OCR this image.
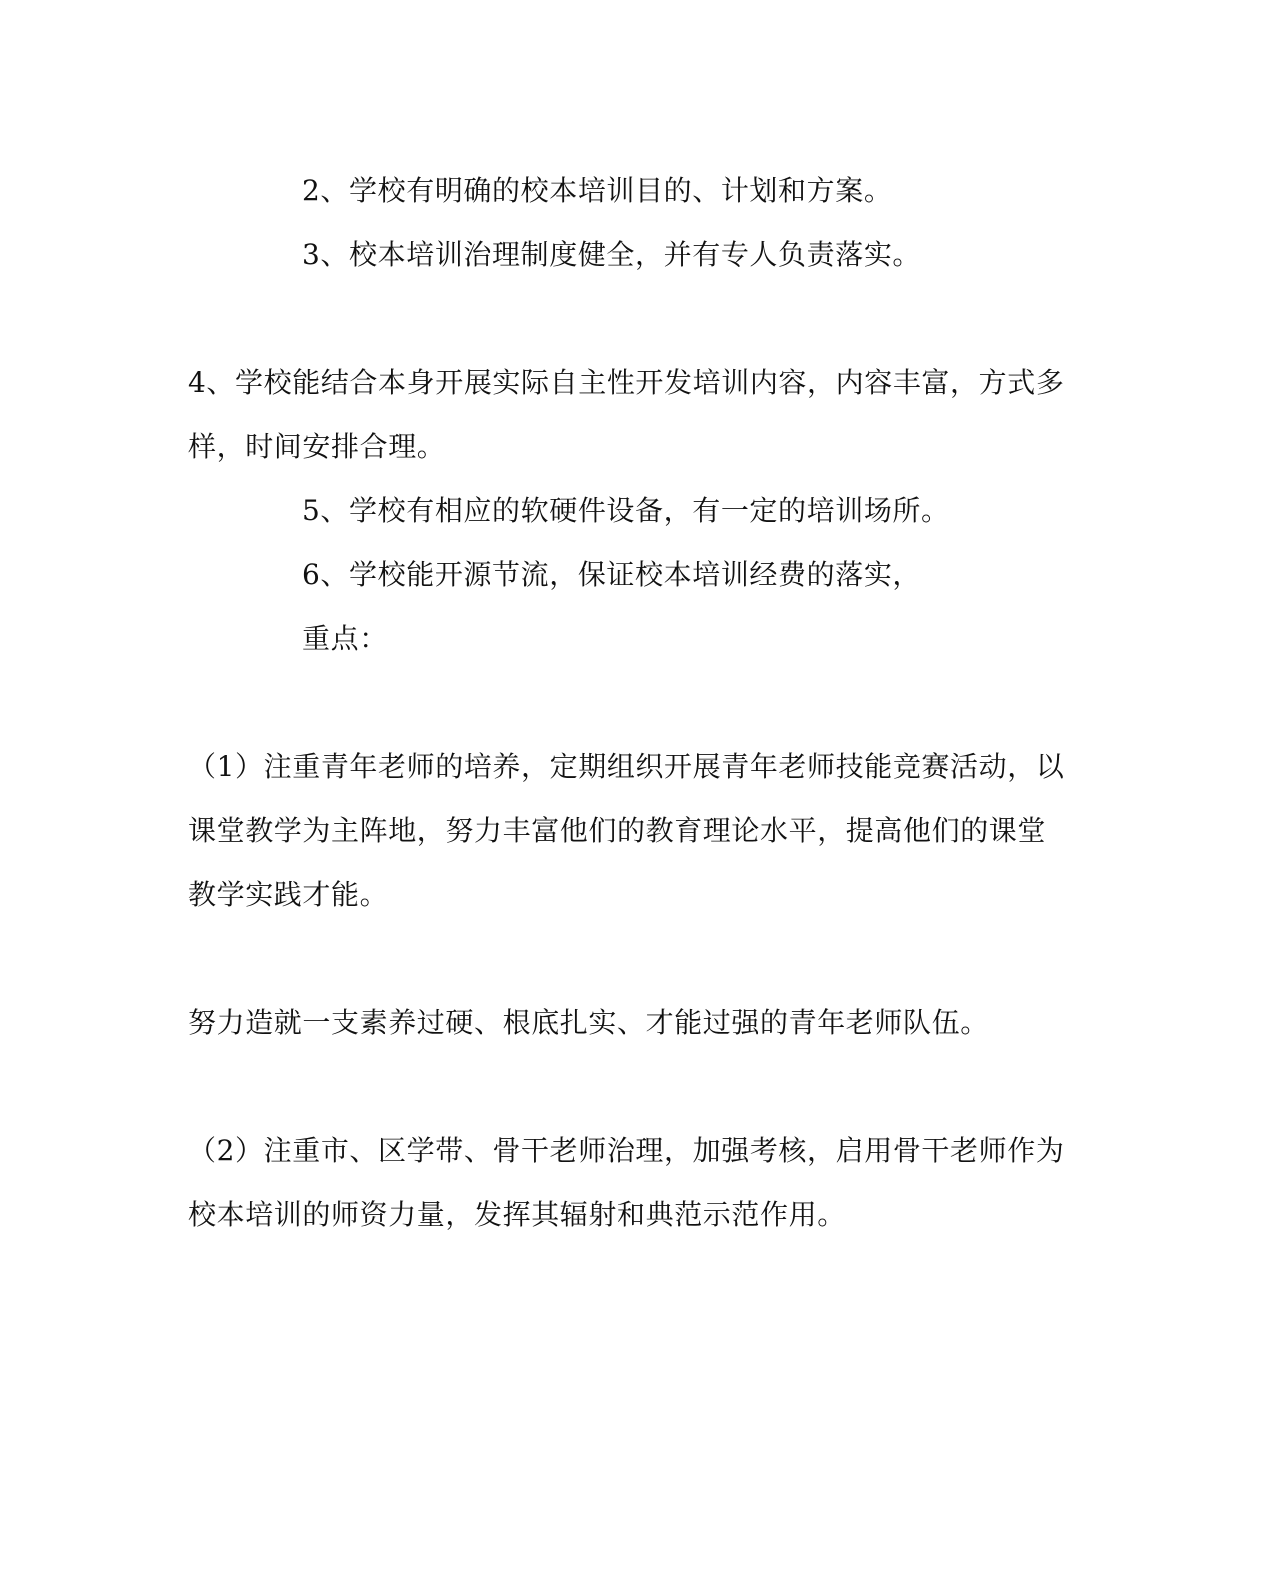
2、学校有明确的校本培训目的、计划和方案。

3、校本培训治理制度健全，并有专人负责落实。

4、学校能结合本身开展实际自主性开发培训内容，内容丰富，方式多

样，时间安排合理。

5、学校有相应的软硬件设备，有一定的培训场所。

6、学校能开源节流，保证校本培训经费的落实，

重点：

（1）注重青年老师的培养，定期组织开展青年老师技能竞赛活动，以

课堂教学为主阵地，努力丰富他们的教育理论水平，提高他们的课堂

教学实践才能。

努力造就一支素养过硬、根底扎实、才能过强的青年老师队伍。

（2）注重市、区学带、骨干老师治理，加强考核，启用骨干老师作为

校本培训的师资力量，发挥其辐射和典范示范作用。
